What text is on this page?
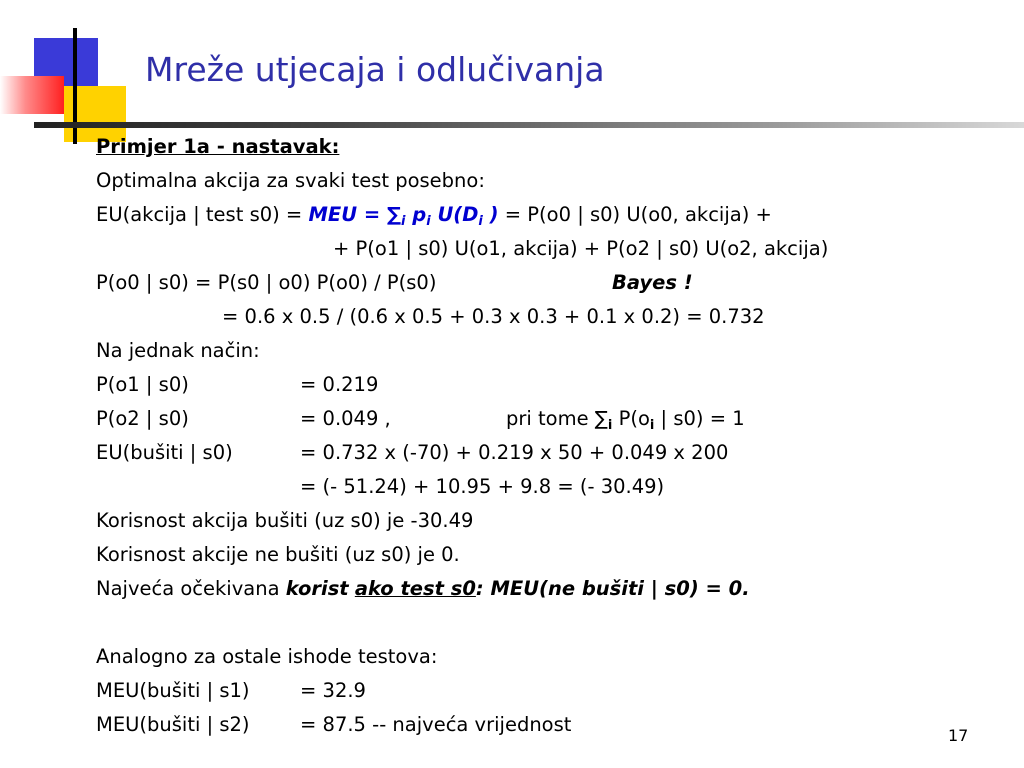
Mreže utjecaja i odlučivanja
Primjer 1a - nastavak:
Optimalna akcija za svaki test posebno:
EU(akcija | test s0) = MEU = $\sum_i$ $p_i$ $U(D_i$ ) = P(o0 | s0) U(o0, akcija) +
+ P(o1 | s0) U(o1, akcija) + P(o2 | s0) U(o2, akcija)
P(o0 | s0) = P(s0 | o0) P(o0) / P(s0)	Bayes !
= 0.6 x 0.5 / (0.6 x 0.5 + 0.3 x 0.3 + 0.1 x 0.2) = 0.732
Na jednak način:
P(o1 | s0)	= 0.219
P(o2 | s0)	= 0.049 ,	pri tome $\sum_i$ $P(o_i$ | s0) = 1
EU(bušiti | s0)	= 0.732 x (-70) + 0.219 x 50 + 0.049 x 200
= (- 51.24) + 10.95 + 9.8 = (- 30.49)
Korisnost akcija bušiti (uz s0) je -30.49
Korisnost akcije ne bušiti (uz s0) je 0.
Najveća očekivana korist ako test s0: MEU(ne bušiti | s0) = 0.
Analogno za ostale ishode testova:
MEU(bušiti | s1)	= 32.9
MEU(bušiti | s2)	= 87.5 -- najveća vrijednost	17
